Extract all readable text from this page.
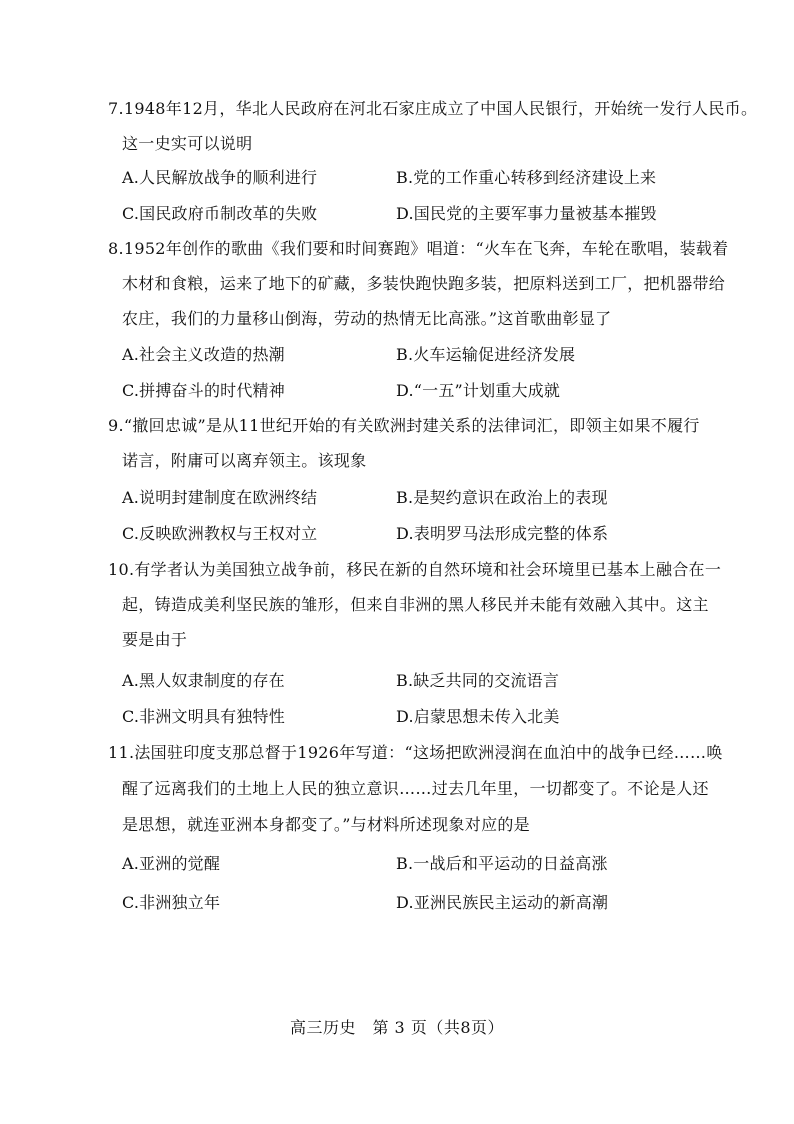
7.1948年12月，华北人民政府在河北石家庄成立了中国人民银行，开始统一发行人民币。
这一史实可以说明
A.人民解放战争的顺利进行	B.党的工作重心转移到经济建设上来
C.国民政府币制改革的失败	D.国民党的主要军事力量被基本摧毁
8.1952年创作的歌曲《我们要和时间赛跑》唱道：“火车在飞奔，车轮在歌唱，装载着
木材和食粮，运来了地下的矿藏，多装快跑快跑多装，把原料送到工厂，把机器带给
农庄，我们的力量移山倒海，劳动的热情无比高涨。”这首歌曲彰显了
A.社会主义改造的热潮	B.火车运输促进经济发展
C.拼搏奋斗的时代精神	D.“一五”计划重大成就
9.“撤回忠诚”是从11世纪开始的有关欧洲封建关系的法律词汇，即领主如果不履行
诺言，附庸可以离弃领主。该现象
A.说明封建制度在欧洲终结	B.是契约意识在政治上的表现
C.反映欧洲教权与王权对立	D.表明罗马法形成完整的体系
10.有学者认为美国独立战争前，移民在新的自然环境和社会环境里已基本上融合在一
起，铸造成美利坚民族的雏形，但来自非洲的黑人移民并未能有效融入其中。这主
要是由于
A.黑人奴隶制度的存在	B.缺乏共同的交流语言
C.非洲文明具有独特性	D.启蒙思想未传入北美
11.法国驻印度支那总督于1926年写道：“这场把欧洲浸润在血泊中的战争已经……唤
醒了远离我们的土地上人民的独立意识……过去几年里，一切都变了。不论是人还
是思想，就连亚洲本身都变了。”与材料所述现象对应的是
A.亚洲的觉醒	B.一战后和平运动的日益高涨
C.非洲独立年	D.亚洲民族民主运动的新高潮
高三历史　第 3 页（共8页）
